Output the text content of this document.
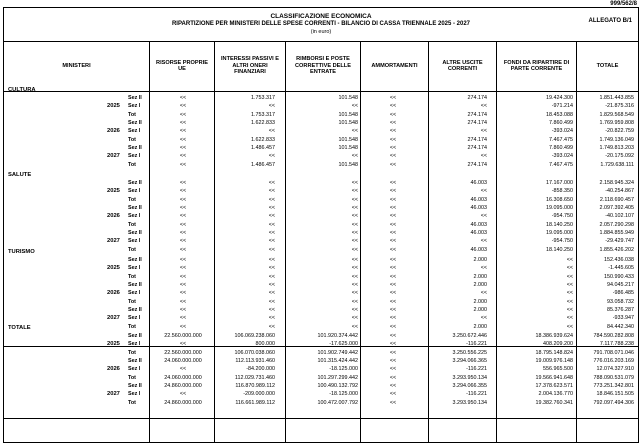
999/562/8
CLASSIFICAZIONE ECONOMICA
RIPARTIZIONE PER MINISTERI DELLE SPESE CORRENTI - BILANCIO DI CASSA TRIENNALE 2025 - 2027
(in euro)
ALLEGATO B/1
MINISTERI
RISORSE PROPRIE UE
INTERESSI PASSIVI E ALTRI ONERI FINANZIARI
RIMBORSI E POSTE CORRETTIVE DELLE ENTRATE
AMMORTAMENTI
ALTRE USCITE CORRENTI
FONDI DA RIPARTIRE DI PARTE CORRENTE
TOTALE
CULTURA
2025
Sez II	<<	1.753.317	101.548	<<	274.174	19.424.300	1.851.443.855
Sez I	<<	<<	<<	<<	<<	-971.214	-21.875.316
Tot	<<	1.753.317	101.548	<<	274.174	18.453.088	1.829.568.549
2026
Sez II	<<	1.622.833	101.548	<<	274.174	7.860.499	1.769.959.808
Sez I	<<	<<	<<	<<	<<	-393.024	-20.822.759
Tot	<<	1.622.833	101.548	<<	274.174	7.467.475	1.749.136.049
2027
Sez II	<<	1.486.457	101.548	<<	274.174	7.860.499	1.749.813.203
Sez I	<<	<<	<<	<<	<<	-393.024	-20.175.092
Tot	<<	1.486.457	101.548	<<	274.174	7.467.475	1.729.638.111
SALUTE
2025
Sez II	<<	<<	<<	<<	46.003	17.167.000	2.158.945.324
Sez I	<<	<<	<<	<<	<<	-858.350	-40.254.867
Tot	<<	<<	<<	<<	46.003	16.308.650	2.118.690.457
2026
Sez II	<<	<<	<<	<<	46.003	19.095.000	2.097.392.405
Sez I	<<	<<	<<	<<	<<	-954.750	-40.102.107
Tot	<<	<<	<<	<<	46.003	18.140.250	2.057.290.298
2027
Sez II	<<	<<	<<	<<	46.003	19.095.000	1.884.855.949
Sez I	<<	<<	<<	<<	<<	-954.750	-29.429.747
Tot	<<	<<	<<	<<	46.003	18.140.250	1.855.426.202
TURISMO
2025
Sez II	<<	<<	<<	<<	2.000	<<	152.436.038
Sez I	<<	<<	<<	<<	<<	<<	-1.445.605
Tot	<<	<<	<<	<<	2.000	<<	150.990.433
2026
Sez II	<<	<<	<<	<<	2.000	<<	94.045.217
Sez I	<<	<<	<<	<<	<<	<<	-986.485
Tot	<<	<<	<<	<<	2.000	<<	93.058.732
2027
Sez II	<<	<<	<<	<<	2.000	<<	85.376.287
Sez I	<<	<<	<<	<<	<<	<<	-933.947
Tot	<<	<<	<<	<<	2.000	<<	84.442.340
TOTALE
2025
Sez II	22.560.000.000	106.069.238.060	101.920.374.442	<<	3.250.672.446	18.386.939.624	784.590.282.808
Sez I	<<	800.000	-17.625.000	<<	-116.221	408.209.200	7.117.788.238
Tot	22.560.000.000	106.070.038.060	101.902.749.442	<<	3.250.556.225	18.795.148.824	791.708.071.046
2026
Sez II	24.060.000.000	112.113.931.460	101.315.424.442	<<	3.294.066.365	19.009.976.148	776.016.203.169
Sez I	<<	-84.200.000	-18.125.000	<<	-116.221	556.965.500	12.074.327.910
Tot	24.060.000.000	112.029.731.460	101.297.299.442	<<	3.293.950.134	19.566.941.648	788.090.531.079
2027
Sez II	24.860.000.000	116.870.989.112	100.490.132.792	<<	3.294.066.355	17.378.623.571	773.251.342.801
Sez I	<<	-209.000.000	-18.125.000	<<	-116.221	2.004.136.770	18.846.151.505
Tot	24.860.000.000	116.661.989.112	100.472.007.792	<<	3.293.950.134	19.382.760.341	792.097.494.306
